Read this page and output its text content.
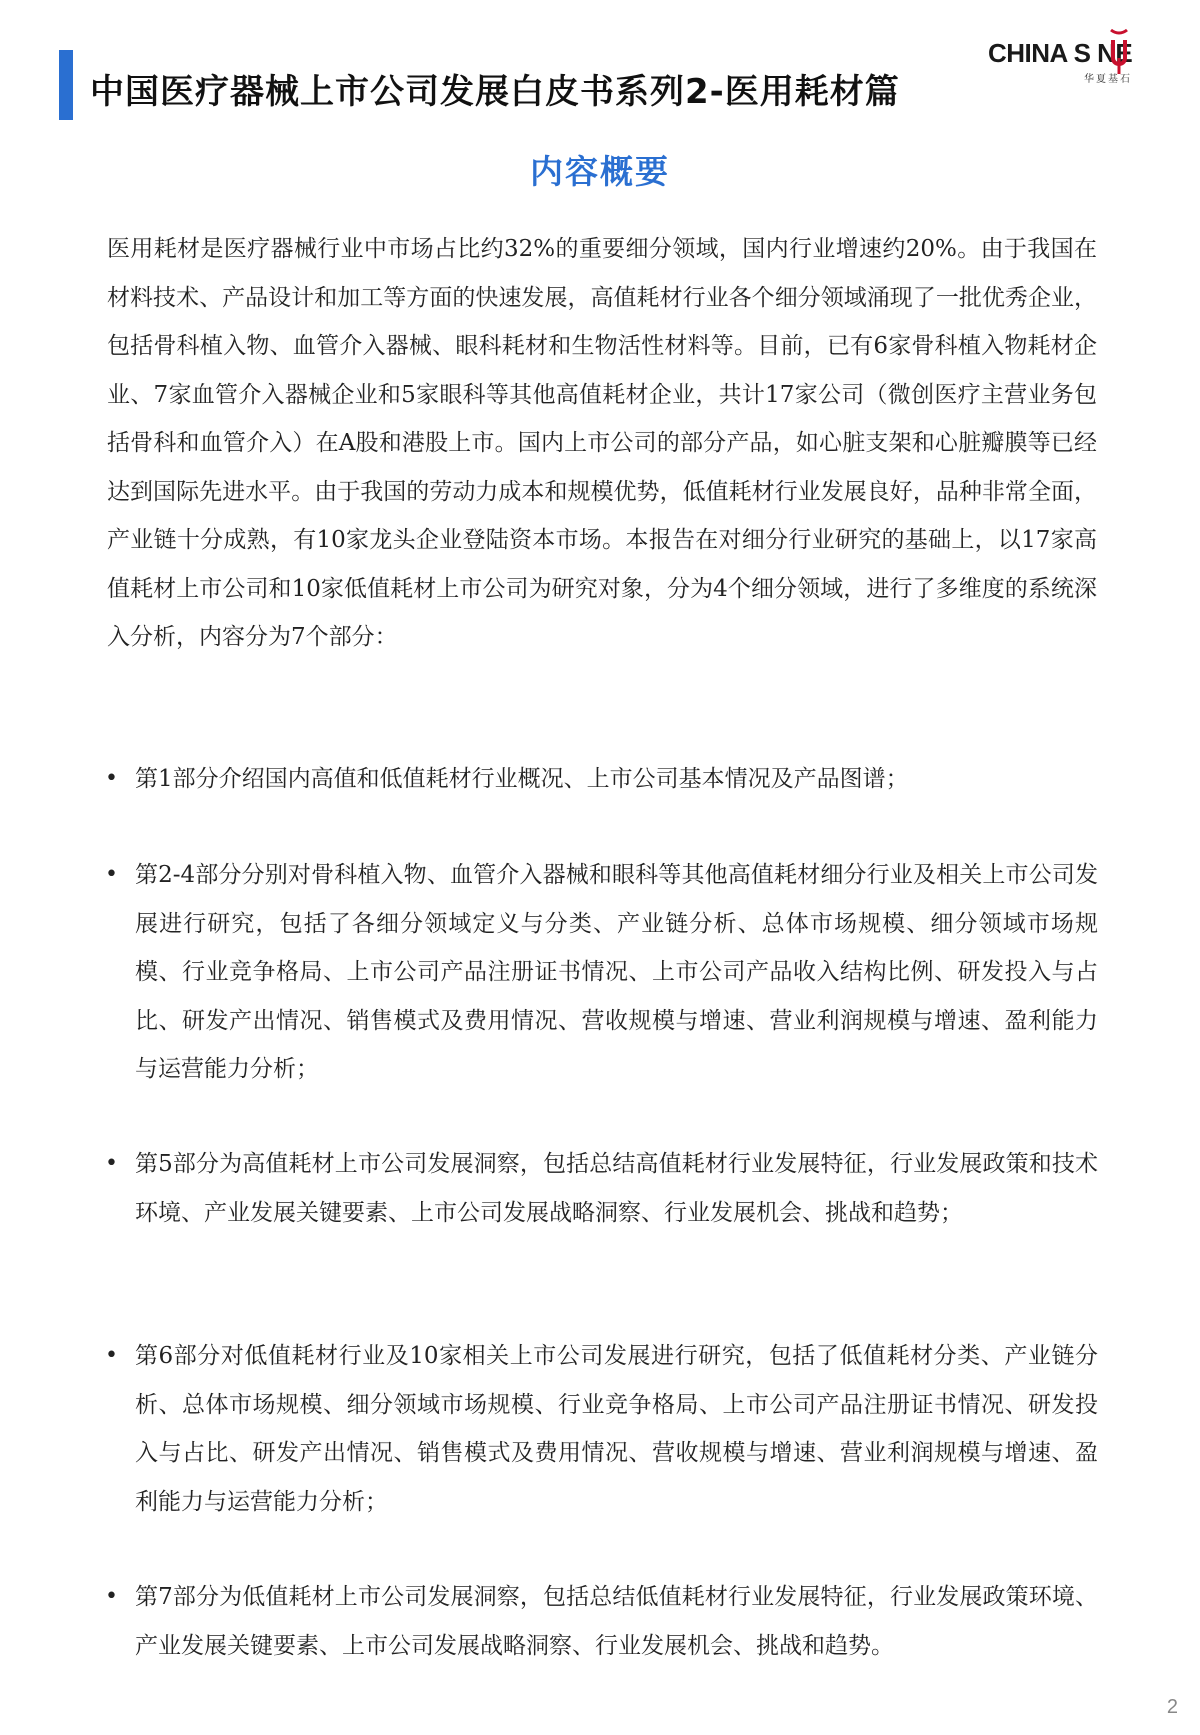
中国医疗器械上市公司发展白皮书系列2-医用耗材篇
CHINA S NE
华夏基石
内容概要

医用耗材是医疗器械行业中市场占比约32%的重要细分领域，国内行业增速约20%。由于我国在材料技术、产品设计和加工等方面的快速发展，高值耗材行业各个细分领域涌现了一批优秀企业，包括骨科植入物、血管介入器械、眼科耗材和生物活性材料等。目前，已有6家骨科植入物耗材企业、7家血管介入器械企业和5家眼科等其他高值耗材企业，共计17家公司（微创医疗主营业务包括骨科和血管介入）在A股和港股上市。国内上市公司的部分产品，如心脏支架和心脏瓣膜等已经达到国际先进水平。由于我国的劳动力成本和规模优势，低值耗材行业发展良好，品种非常全面，产业链十分成熟，有10家龙头企业登陆资本市场。本报告在对细分行业研究的基础上，以17家高值耗材上市公司和10家低值耗材上市公司为研究对象，分为4个细分领域，进行了多维度的系统深入分析，内容分为7个部分：

• 第1部分介绍国内高值和低值耗材行业概况、上市公司基本情况及产品图谱；
• 第2-4部分分别对骨科植入物、血管介入器械和眼科等其他高值耗材细分行业及相关上市公司发展进行研究，包括了各细分领域定义与分类、产业链分析、总体市场规模、细分领域市场规模、行业竞争格局、上市公司产品注册证书情况、上市公司产品收入结构比例、研发投入与占比、研发产出情况、销售模式及费用情况、营收规模与增速、营业利润规模与增速、盈利能力与运营能力分析；
• 第5部分为高值耗材上市公司发展洞察，包括总结高值耗材行业发展特征，行业发展政策和技术环境、产业发展关键要素、上市公司发展战略洞察、行业发展机会、挑战和趋势；
• 第6部分对低值耗材行业及10家相关上市公司发展进行研究，包括了低值耗材分类、产业链分析、总体市场规模、细分领域市场规模、行业竞争格局、上市公司产品注册证书情况、研发投入与占比、研发产出情况、销售模式及费用情况、营收规模与增速、营业利润规模与增速、盈利能力与运营能力分析；
• 第7部分为低值耗材上市公司发展洞察，包括总结低值耗材行业发展特征，行业发展政策环境、产业发展关键要素、上市公司发展战略洞察、行业发展机会、挑战和趋势。
2
